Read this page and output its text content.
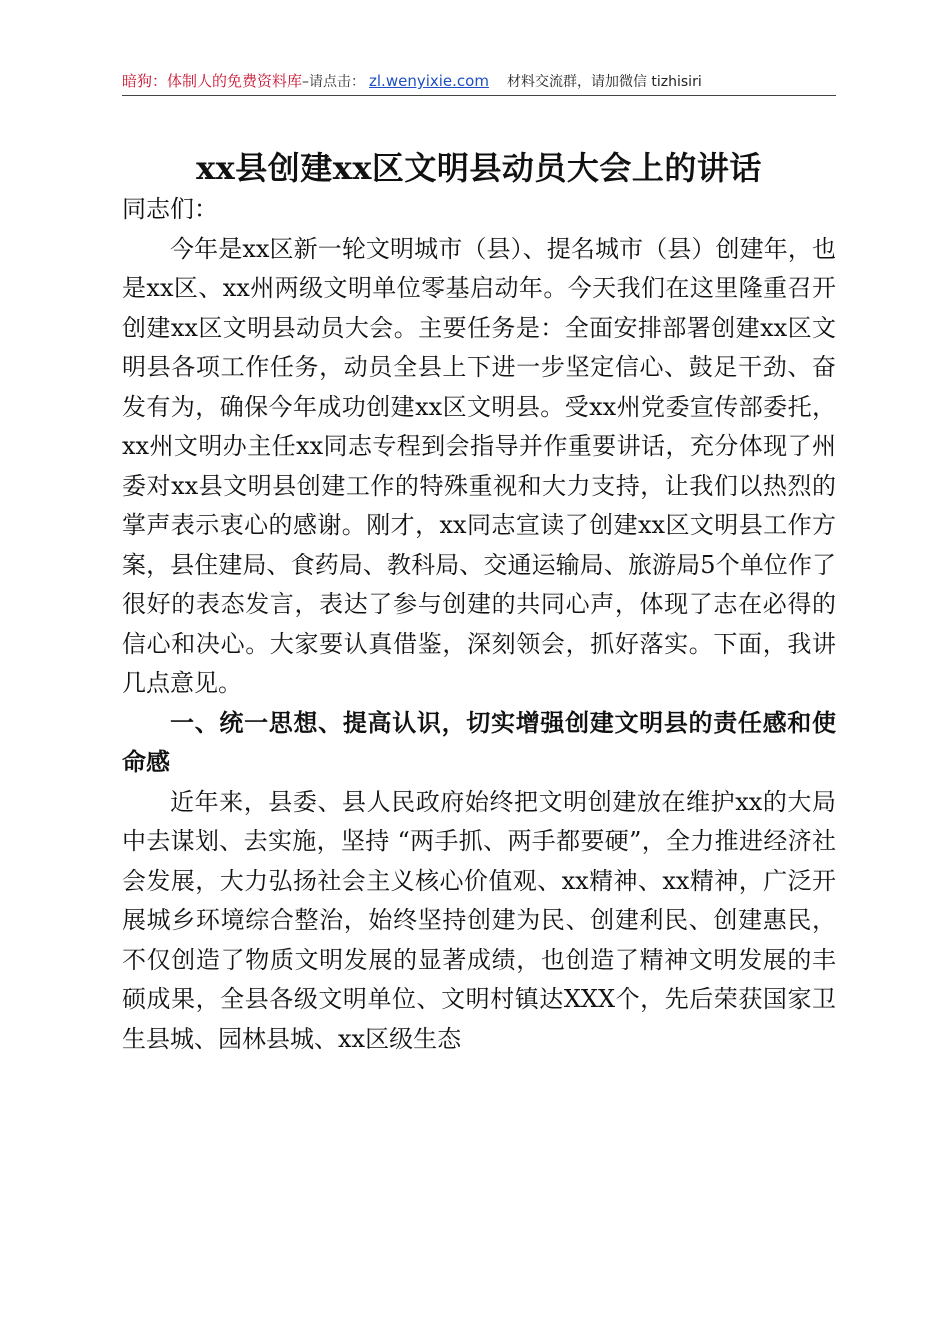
暗狗：体制人的免费资料库–请点击： zl.wenyixie.com 材料交流群，请加微信 tizhisiri
xx县创建xx区文明县动员大会上的讲话

同志们：

今年是xx区新一轮文明城市（县）、提名城市（县）创建年，也是xx区、xx州两级文明单位零基启动年。今天我们在这里隆重召开创建xx区文明县动员大会。主要任务是：全面安排部署创建xx区文明县各项工作任务，动员全县上下进一步坚定信心、鼓足干劲、奋发有为，确保今年成功创建xx区文明县。受xx州党委宣传部委托，xx州文明办主任xx同志专程到会指导并作重要讲话，充分体现了州委对xx县文明县创建工作的特殊重视和大力支持，让我们以热烈的掌声表示衷心的感谢。刚才，xx同志宣读了创建xx区文明县工作方案，县住建局、食药局、教科局、交通运输局、旅游局5个单位作了很好的表态发言，表达了参与创建的共同心声，体现了志在必得的信心和决心。大家要认真借鉴，深刻领会，抓好落实。下面，我讲几点意见。

一、统一思想、提高认识，切实增强创建文明县的责任感和使命感

近年来，县委、县人民政府始终把文明创建放在维护xx的大局中去谋划、去实施，坚持 “两手抓、两手都要硬”，全力推进经济社会发展，大力弘扬社会主义核心价值观、xx精神、xx精神，广泛开展城乡环境综合整治，始终坚持创建为民、创建利民、创建惠民，不仅创造了物质文明发展的显著成绩，也创造了精神文明发展的丰硕成果，全县各级文明单位、文明村镇达XXX个，先后荣获国家卫生县城、园林县城、xx区级生态
